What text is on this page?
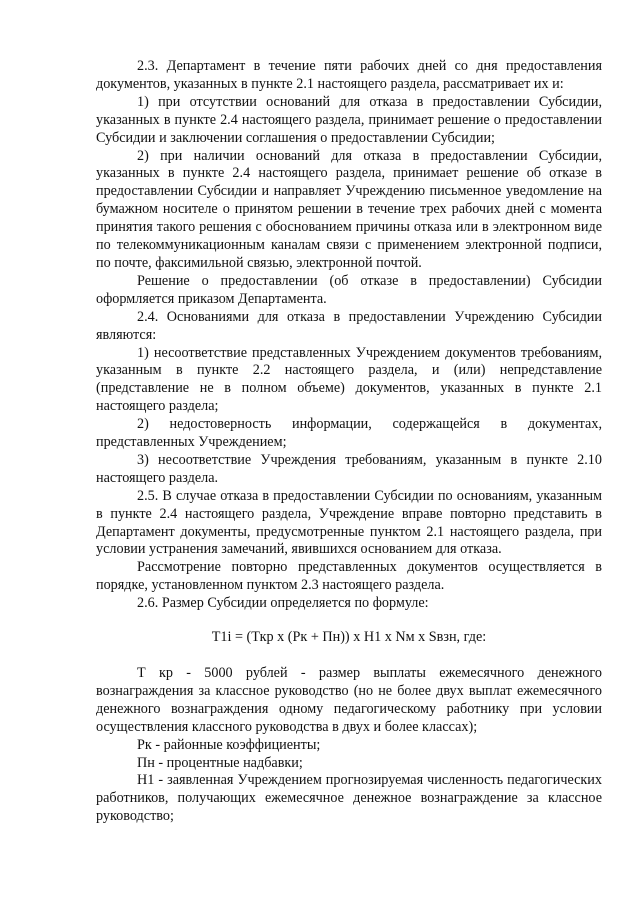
2.3. Департамент в течение пяти рабочих дней со дня предоставления документов, указанных в пункте 2.1 настоящего раздела, рассматривает их и:

1) при отсутствии оснований для отказа в предоставлении Субсидии, указанных в пункте 2.4 настоящего раздела, принимает решение о предоставлении Субсидии и заключении соглашения о предоставлении Субсидии;

2) при наличии оснований для отказа в предоставлении Субсидии, указанных в пункте 2.4 настоящего раздела, принимает решение об отказе в предоставлении Субсидии и направляет Учреждению письменное уведомление на бумажном носителе о принятом решении в течение трех рабочих дней с момента принятия такого решения с обоснованием причины отказа или в электронном виде по телекоммуникационным каналам связи с применением электронной подписи, по почте, факсимильной связью, электронной почтой.

Решение о предоставлении (об отказе в предоставлении) Субсидии оформляется приказом Департамента.

2.4. Основаниями для отказа в предоставлении Учреждению Субсидии являются:

1) несоответствие представленных Учреждением документов требованиям, указанным в пункте 2.2 настоящего раздела, и (или) непредставление (представление не в полном объеме) документов, указанных в пункте 2.1 настоящего раздела;

2) недостоверность информации, содержащейся в документах, представленных Учреждением;

3) несоответствие Учреждения требованиям, указанным в пункте 2.10 настоящего раздела.

2.5. В случае отказа в предоставлении Субсидии по основаниям, указанным в пункте 2.4 настоящего раздела, Учреждение вправе повторно представить в Департамент документы, предусмотренные пунктом 2.1 настоящего раздела, при условии устранения замечаний, явившихся основанием для отказа.

Рассмотрение повторно представленных документов осуществляется в порядке, установленном пунктом 2.3 настоящего раздела.

2.6. Размер Субсидии определяется по формуле:

T1i = (Ткр x (Рк + Пн)) x Н1 x Nм x Sвзн, где:

Т кр - 5000 рублей - размер выплаты ежемесячного денежного вознаграждения за классное руководство (но не более двух выплат ежемесячного денежного вознаграждения одному педагогическому работнику при условии осуществления классного руководства в двух и более классах);

Рк - районные коэффициенты;

Пн - процентные надбавки;

Н1 - заявленная Учреждением прогнозируемая численность педагогических работников, получающих ежемесячное денежное вознаграждение за классное руководство;
